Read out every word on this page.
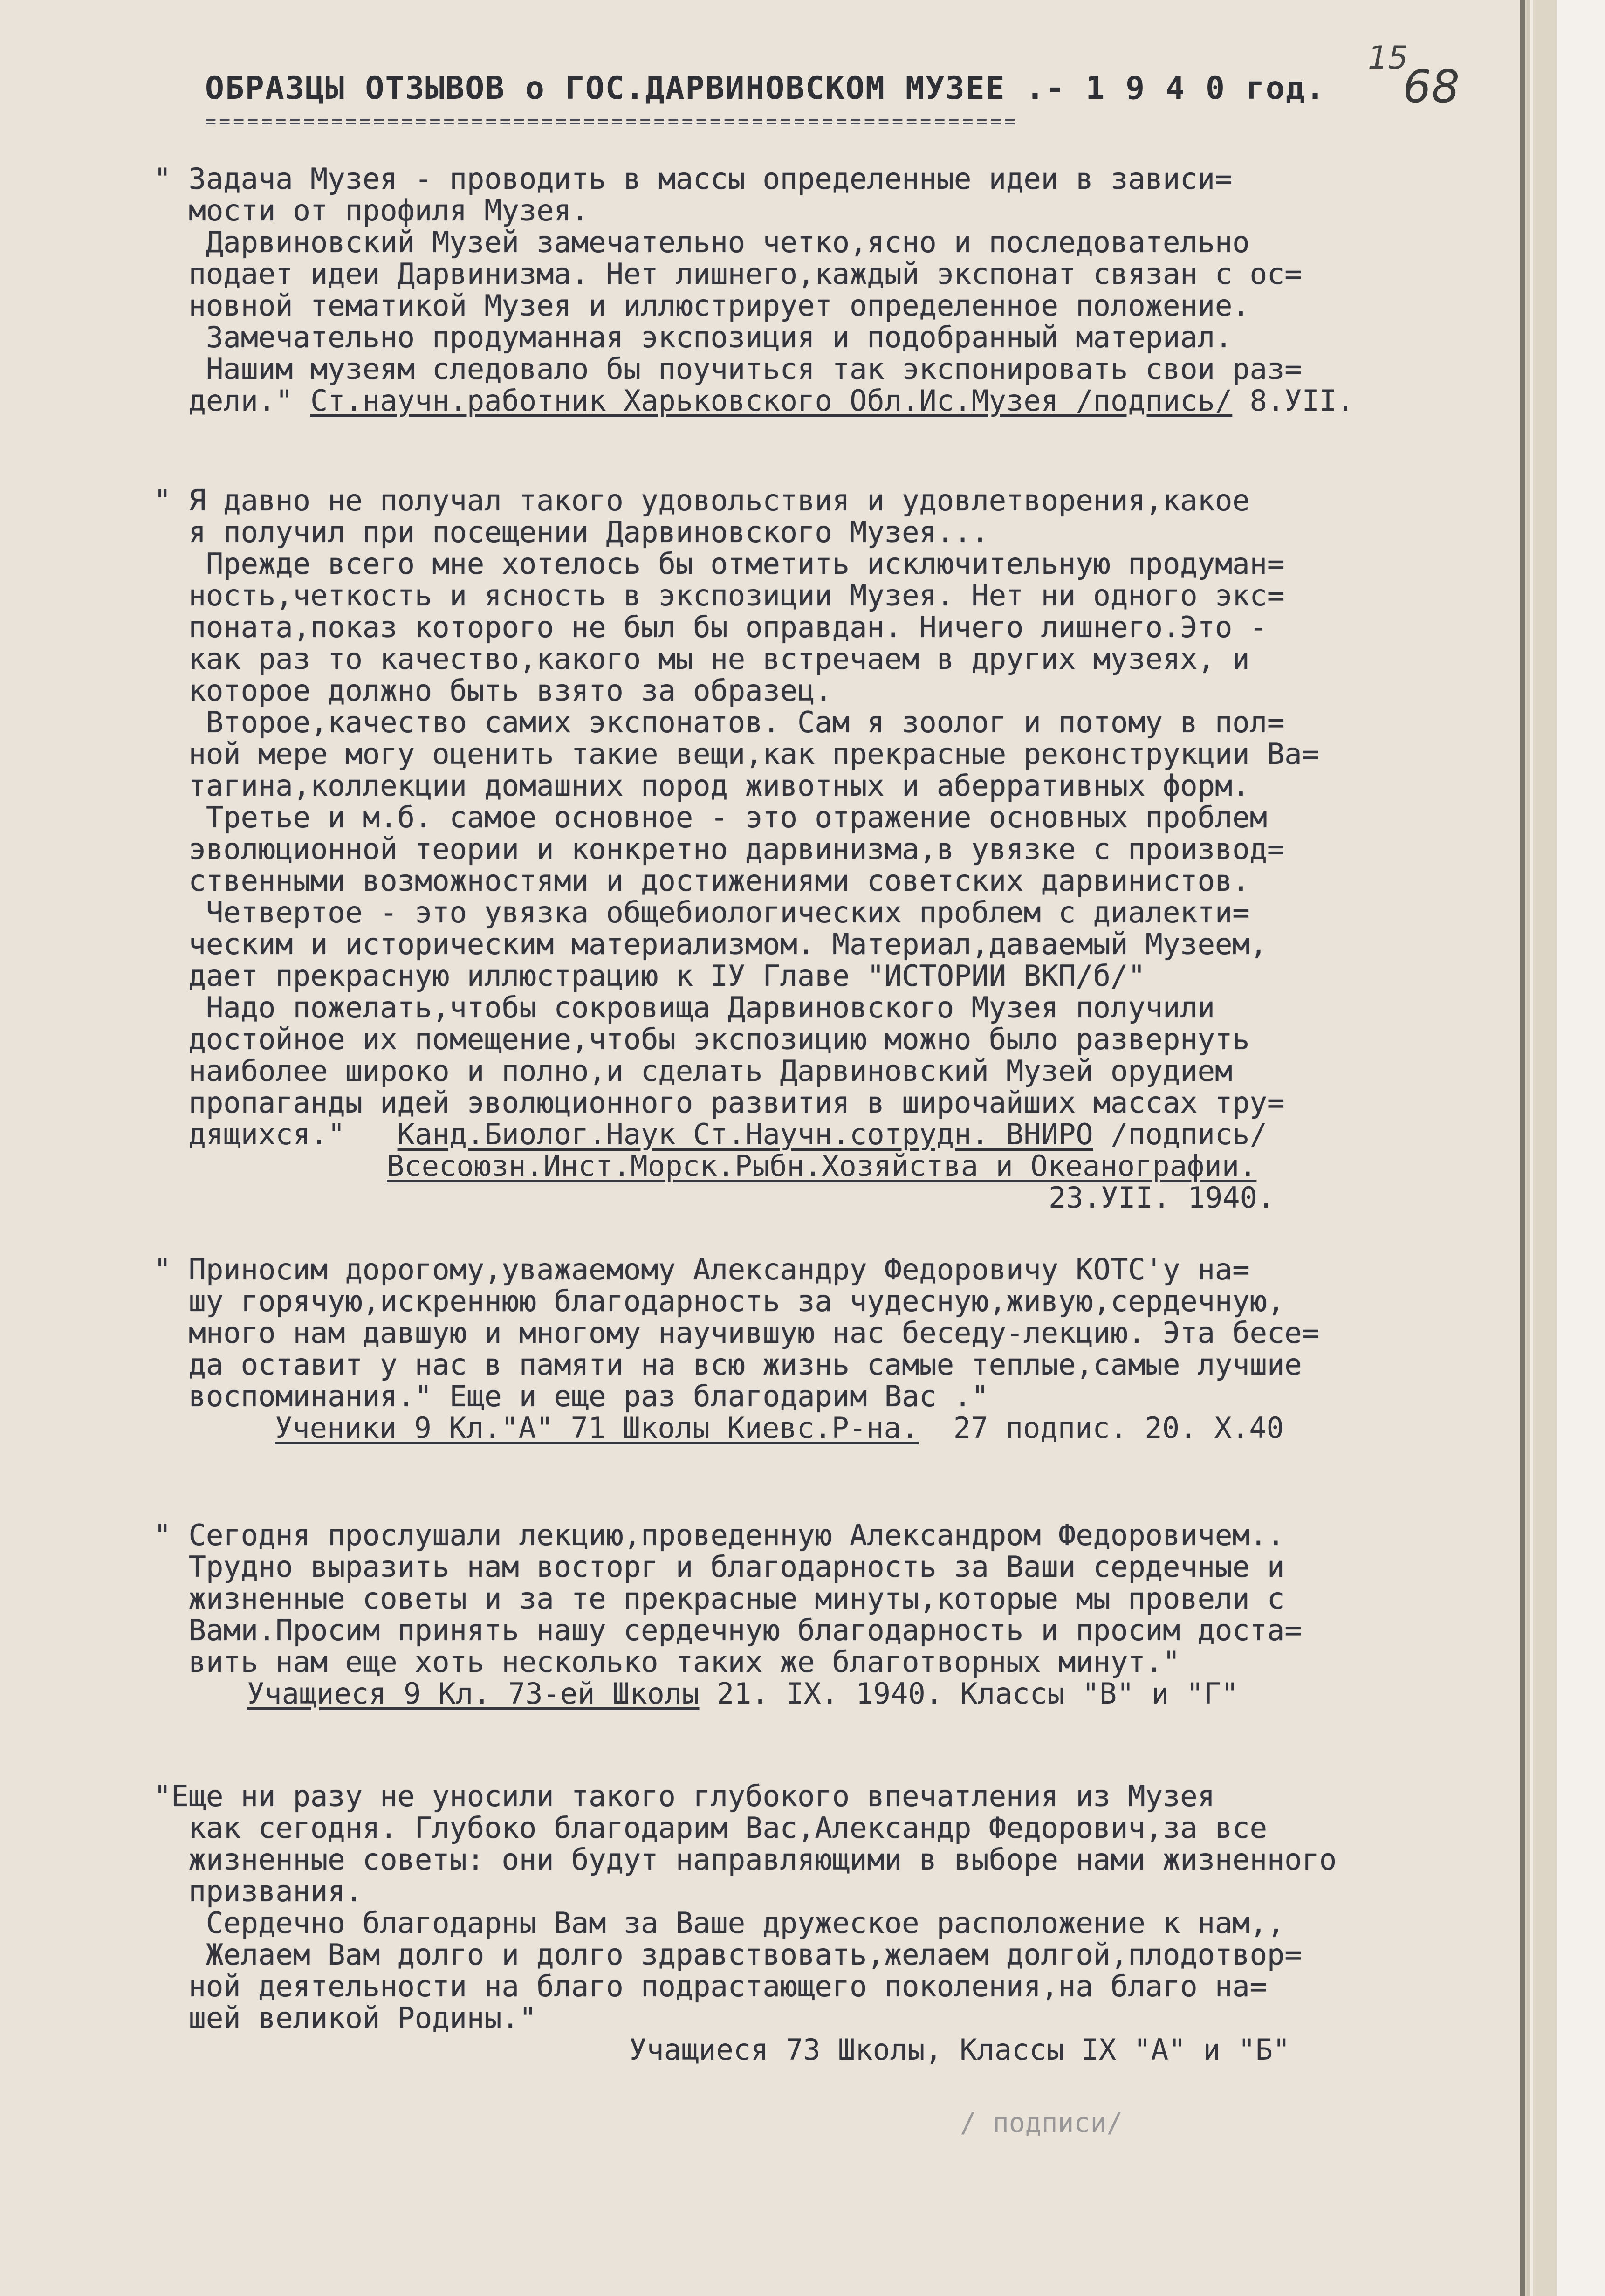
15
68
ОБРАЗЦЫ ОТЗЫВОВ о ГОС.ДАРВИНОВСКОМ МУЗЕЕ .- 1 9 4 0 год.
==========================================================
" Задача Музея - проводить в массы определенные идеи в зависи=
мости от профиля Музея.
Дарвиновский Музей замечательно четко,ясно и последовательно
подает идеи Дарвинизма. Нет лишнего,каждый экспонат связан с ос=
новной тематикой Музея и иллюстрирует определенное положение.
Замечательно продуманная экспозиция и подобранный материал.
Нашим музеям следовало бы поучиться так экспонировать свои раз=
дели." Ст.научн.работник Харьковского Обл.Ис.Музея /подпись/ 8.УII.
" Я давно не получал такого удовольствия и удовлетворения,какое
я получил при посещении Дарвиновского Музея...
Прежде всего мне хотелось бы отметить исключительную продуман=
ность,четкость и ясность в экспозиции Музея. Нет ни одного экс=
поната,показ которого не был бы оправдан. Ничего лишнего.Это -
как раз то качество,какого мы не встречаем в других музеях, и
которое должно быть взято за образец.
Второе,качество самих экспонатов. Сам я зоолог и потому в пол=
ной мере могу оценить такие вещи,как прекрасные реконструкции Ва=
тагина,коллекции домашних пород животных и аберративных форм.
Третье и м.б. самое основное - это отражение основных проблем
эволюционной теории и конкретно дарвинизма,в увязке с производ=
ственными возможностями и достижениями советских дарвинистов.
Четвертое - это увязка общебиологических проблем с диалекти=
ческим и историческим материализмом. Материал,даваемый Музеем,
дает прекрасную иллюстрацию к IУ Главе "ИСТОРИИ ВКП/б/"
Надо пожелать,чтобы сокровища Дарвиновского Музея получили
достойное их помещение,чтобы экспозицию можно было развернуть
наиболее широко и полно,и сделать Дарвиновский Музей орудием
пропаганды идей эволюционного развития в широчайших массах тру=
дящихся." Канд.Биолог.Наук Ст.Научн.сотрудн. ВНИРО /подпись/
Всесоюзн.Инст.Морск.Рыбн.Хозяйства и Океанографии.
23.УII. 1940.
" Приносим дорогому,уважаемому Александру Федоровичу КОТС'у на=
шу горячую,искреннюю благодарность за чудесную,живую,сердечную,
много нам давшую и многому научившую нас беседу-лекцию. Эта бесе=
да оставит у нас в памяти на всю жизнь самые теплые,самые лучшие
воспоминания." Еще и еще раз благодарим Вас ."
Ученики 9 Кл."А" 71 Школы Киевс.Р-на.  27 подпис. 20. X.40
" Сегодня прослушали лекцию,проведенную Александром Федоровичем..
Трудно выразить нам восторг и благодарность за Ваши сердечные и
жизненные советы и за те прекрасные минуты,которые мы провели с
Вами.Просим принять нашу сердечную благодарность и просим доста=
вить нам еще хоть несколько таких же благотворных минут."
Учащиеся 9 Кл. 73-ей Школы 21. IX. 1940. Классы "В" и "Г"
"Еще ни разу не уносили такого глубокого впечатления из Музея
как сегодня. Глубоко благодарим Вас,Александр Федорович,за все
жизненные советы: они будут направляющими в выборе нами жизненного
призвания.
Сердечно благодарны Вам за Ваше дружеское расположение к нам,,
Желаем Вам долго и долго здравствовать,желаем долгой,плодотвор=
ной деятельности на благо подрастающего поколения,на благо на=
шей великой Родины."
Учащиеся 73 Школы, Классы IX "А" и "Б"
/ подписи/
